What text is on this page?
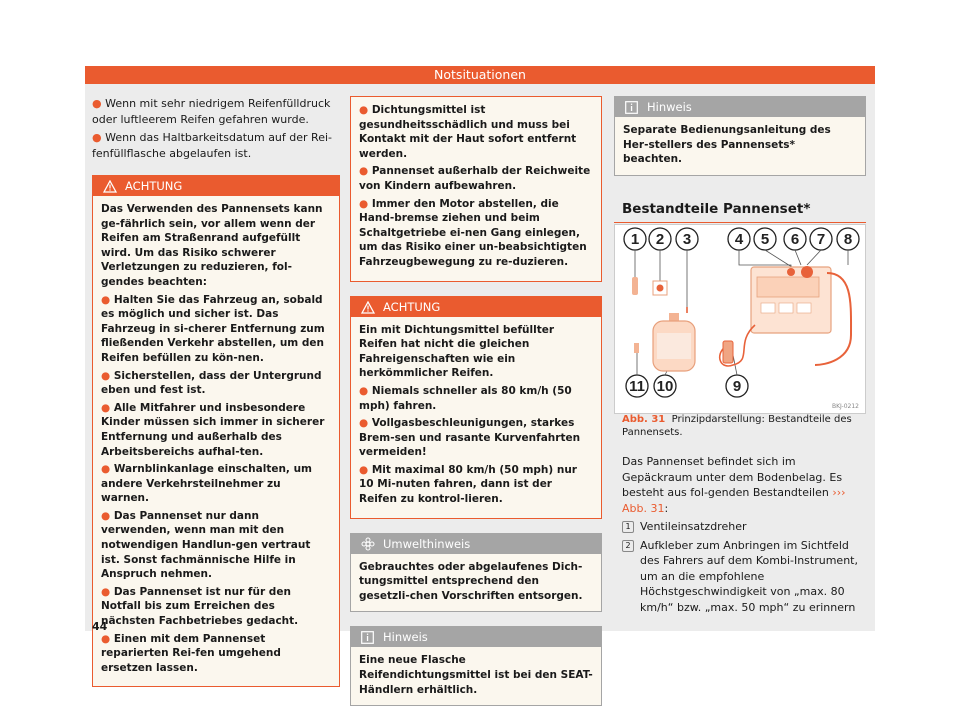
Notsituationen

● Wenn mit sehr niedrigem Reifenfülldruck oder luftleerem Reifen gefahren wurde.

● Wenn das Haltbarkeitsdatum auf der Rei-fenfüllflasche abgelaufen ist.

ACHTUNG

Das Verwenden des Pannensets kann ge-fährlich sein, vor allem wenn der Reifen am Straßenrand aufgefüllt wird. Um das Risiko schwerer Verletzungen zu reduzieren, fol-gendes beachten:

● Halten Sie das Fahrzeug an, sobald es möglich und sicher ist. Das Fahrzeug in si-cherer Entfernung zum fließenden Verkehr abstellen, um den Reifen befüllen zu kön-nen.

● Sicherstellen, dass der Untergrund eben und fest ist.

● Alle Mitfahrer und insbesondere Kinder müssen sich immer in sicherer Entfernung und außerhalb des Arbeitsbereichs aufhal-ten.

● Warnblinkanlage einschalten, um andere Verkehrsteilnehmer zu warnen.

● Das Pannenset nur dann verwenden, wenn man mit den notwendigen Handlun-gen vertraut ist. Sonst fachmännische Hilfe in Anspruch nehmen.

● Das Pannenset ist nur für den Notfall bis zum Erreichen des nächsten Fachbetriebes gedacht.

● Einen mit dem Pannenset reparierten Rei-fen umgehend ersetzen lassen.

● Dichtungsmittel ist gesundheitsschädlich und muss bei Kontakt mit der Haut sofort entfernt werden.

● Pannenset außerhalb der Reichweite von Kindern aufbewahren.

● Immer den Motor abstellen, die Hand-bremse ziehen und beim Schaltgetriebe ei-nen Gang einlegen, um das Risiko einer un-beabsichtigten Fahrzeugbewegung zu re-duzieren.

ACHTUNG

Ein mit Dichtungsmittel befüllter Reifen hat nicht die gleichen Fahreigenschaften wie ein herkömmlicher Reifen.

● Niemals schneller als 80 km/h (50 mph) fahren.

● Vollgasbeschleunigungen, starkes Brem-sen und rasante Kurvenfahrten vermeiden!

● Mit maximal 80 km/h (50 mph) nur 10 Mi-nuten fahren, dann ist der Reifen zu kontrol-lieren.

Umwelthinweis
Gebrauchtes oder abgelaufenes Dich-tungsmittel entsprechend den gesetzli-chen Vorschriften entsorgen.
Hinweis
Eine neue Flasche Reifendichtungsmittel ist bei den SEAT-Händlern erhältlich.
Hinweis
Separate Bedienungsanleitung des Her-stellers des Pannensets* beachten.
Bestandteile Pannenset*
1 2 3	4 5 6 7 8
9
10
11
BKJ-0212
Abb. 31 Prinzipdarstellung: Bestandteile des Pannensets.

Das Pannenset befindet sich im Gepäckraum unter dem Bodenbelag. Es besteht aus fol-genden Bestandteilen ››› Abb. 31:

1 Ventileinsatzdreher
2 Aufkleber zum Anbringen im Sichtfeld des Fahrers auf dem Kombi-Instrument, um an die empfohlene Höchstgeschwindigkeit von „max. 80 km/h“ bzw. „max. 50 mph“ zu erinnern
44
